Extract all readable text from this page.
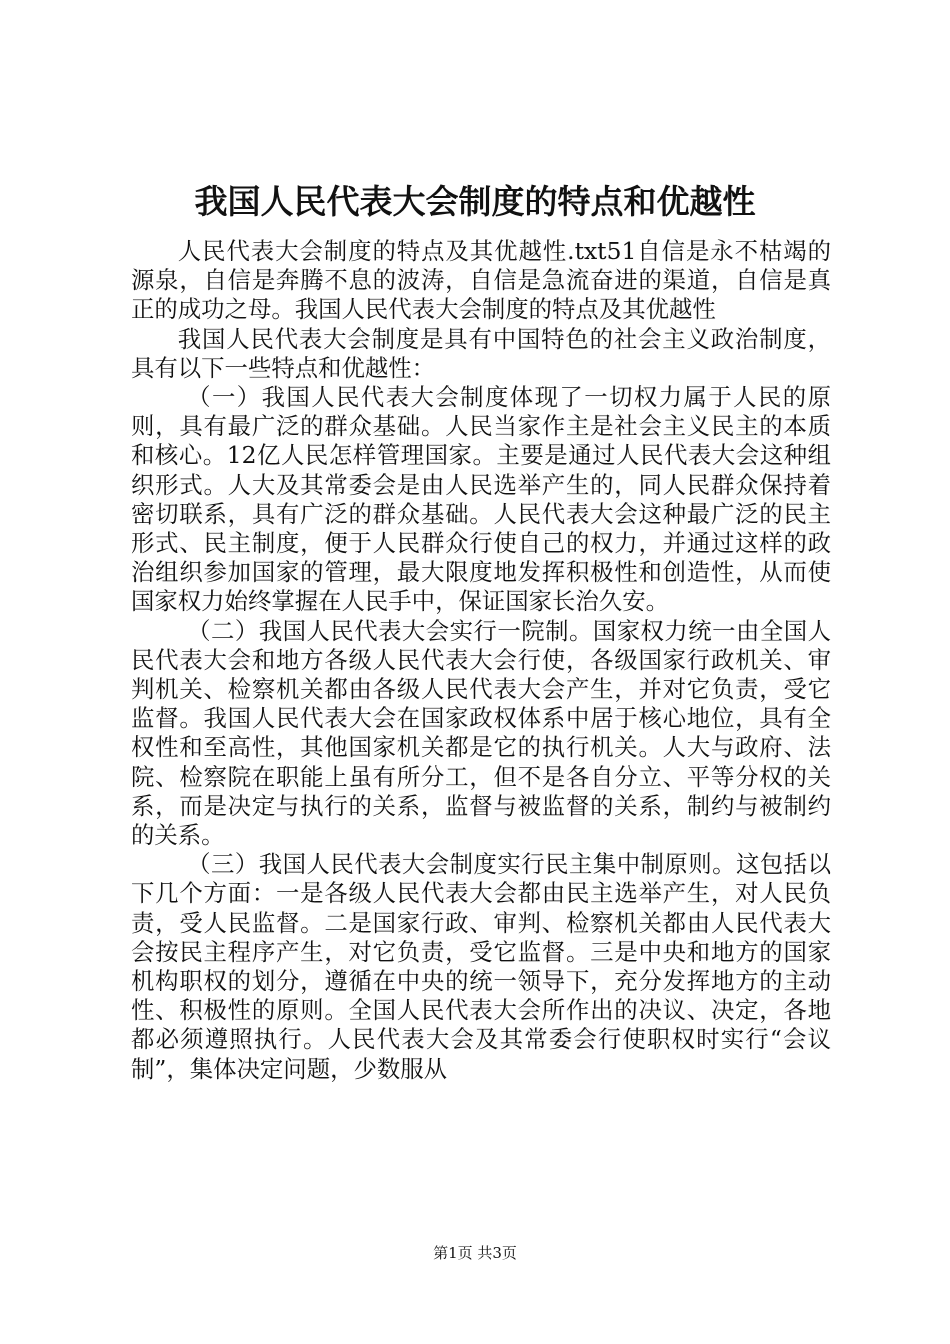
我国人民代表大会制度的特点和优越性

人民代表大会制度的特点及其优越性.txt51自信是永不枯竭的源泉，自信是奔腾不息的波涛，自信是急流奋进的渠道，自信是真正的成功之母。我国人民代表大会制度的特点及其优越性

我国人民代表大会制度是具有中国特色的社会主义政治制度，具有以下一些特点和优越性：

（一）我国人民代表大会制度体现了一切权力属于人民的原则，具有最广泛的群众基础。人民当家作主是社会主义民主的本质和核心。12亿人民怎样管理国家。主要是通过人民代表大会这种组织形式。人大及其常委会是由人民选举产生的，同人民群众保持着密切联系，具有广泛的群众基础。人民代表大会这种最广泛的民主形式、民主制度，便于人民群众行使自己的权力，并通过这样的政治组织参加国家的管理，最大限度地发挥积极性和创造性，从而使国家权力始终掌握在人民手中，保证国家长治久安。

（二）我国人民代表大会实行一院制。国家权力统一由全国人民代表大会和地方各级人民代表大会行使，各级国家行政机关、审判机关、检察机关都由各级人民代表大会产生，并对它负责，受它监督。我国人民代表大会在国家政权体系中居于核心地位，具有全权性和至高性，其他国家机关都是它的执行机关。人大与政府、法院、检察院在职能上虽有所分工，但不是各自分立、平等分权的关系，而是决定与执行的关系，监督与被监督的关系，制约与被制约的关系。

（三）我国人民代表大会制度实行民主集中制原则。这包括以下几个方面：一是各级人民代表大会都由民主选举产生，对人民负责，受人民监督。二是国家行政、审判、检察机关都由人民代表大会按民主程序产生，对它负责，受它监督。三是中央和地方的国家机构职权的划分，遵循在中央的统一领导下，充分发挥地方的主动性、积极性的原则。全国人民代表大会所作出的决议、决定，各地都必须遵照执行。人民代表大会及其常委会行使职权时实行“会议制”，集体决定问题，少数服从

第1页 共3页
